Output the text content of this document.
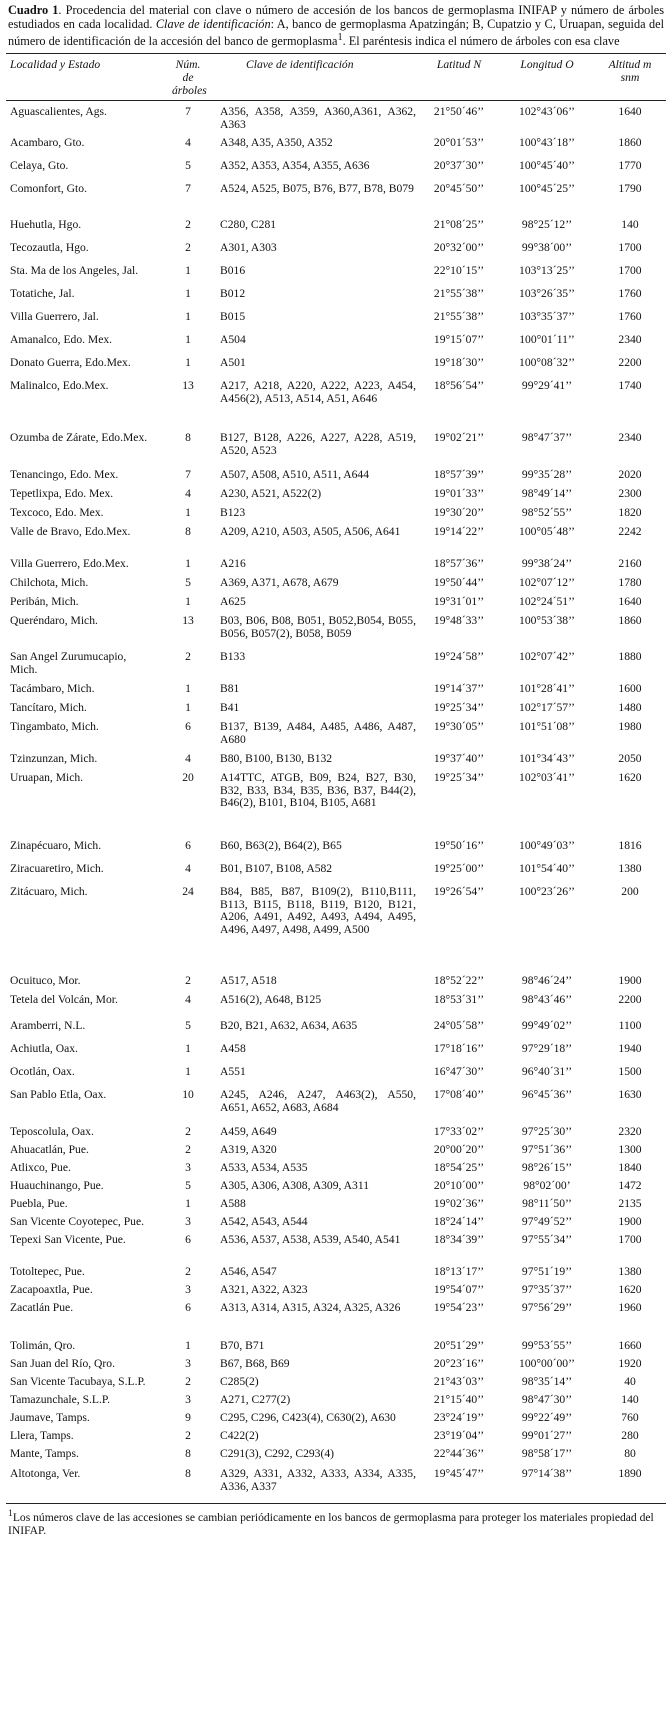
Cuadro 1. Procedencia del material con clave o número de accesión de los bancos de germoplasma INIFAP y número de árboles estudiados en cada localidad. Clave de identificación: A, banco de germoplasma Apatzingán; B, Cupatzio y C, Uruapan, seguida del número de identificación de la accesión del banco de germoplasma$^1$. El paréntesis indica el número de árboles con esa clave

Localidad y Estado	Núm. de árboles	Clave de identificación	Latitud N	Longitud O	Altitud m snm

Aguascalientes, Ags.	7	A356, A358, A359, A360,A361, A362, A363	21°50´46’’	102°43´06’’	1640
Acambaro, Gto.	4	A348, A35, A350, A352	20°01´53’’	100°43´18’’	1860
Celaya, Gto.	5	A352, A353, A354, A355, A636	20°37´30’’	100°45´40’’	1770
Comonfort, Gto.	7	A524, A525, B075, B76, B77, B78, B079	20°45´50’’	100°45´25’’	1790
Huehutla, Hgo.	2	C280, C281	21°08´25’’	98°25´12’’	140
Tecozautla, Hgo.	2	A301, A303	20°32´00’’	99°38´00’’	1700
Sta. Ma de los Angeles, Jal.	1	B016	22°10´15’’	103°13´25’’	1700
Totatiche, Jal.	1	B012	21°55´38’’	103°26´35’’	1760
Villa Guerrero, Jal.	1	B015	21°55´38’’	103°35´37’’	1760
Amanalco, Edo. Mex.	1	A504	19°15´07’’	100°01´11’’	2340
Donato Guerra, Edo.Mex.	1	A501	19°18´30’’	100°08´32’’	2200
Malinalco, Edo.Mex.	13	A217, A218, A220, A222, A223, A454, A456(2), A513, A514, A51, A646	18°56´54’’	99°29´41’’	1740
Ozumba de Zárate, Edo.Mex.	8	B127, B128, A226, A227, A228, A519, A520, A523	19°02´21’’	98°47´37’’	2340
Tenancingo, Edo. Mex.	7	A507, A508, A510, A511, A644	18°57´39’’	99°35´28’’	2020
Tepetlixpa, Edo. Mex.	4	A230, A521, A522(2)	19°01´33’’	98°49´14’’	2300
Texcoco, Edo. Mex.	1	B123	19°30´20’’	98°52´55’’	1820
Valle de Bravo, Edo.Mex.	8	A209, A210, A503, A505, A506, A641	19°14´22’’	100°05´48’’	2242
Villa Guerrero, Edo.Mex.	1	A216	18°57´36’’	99°38´24’’	2160
Chilchota, Mich.	5	A369, A371, A678, A679	19°50´44’’	102°07´12’’	1780
Peribán, Mich.	1	A625	19°31´01’’	102°24´51’’	1640
Queréndaro, Mich.	13	B03, B06, B08, B051, B052,B054, B055, B056, B057(2), B058, B059	19°48´33’’	100°53´38’’	1860
San Angel Zurumucapio, Mich.	2	B133	19°24´58’’	102°07´42’’	1880
Tacámbaro, Mich.	1	B81	19°14´37’’	101°28´41’’	1600
Tancítaro, Mich.	1	B41	19°25´34’’	102°17´57’’	1480
Tingambato, Mich.	6	B137, B139, A484, A485, A486, A487, A680	19°30´05’’	101°51´08’’	1980
Tzinzunzan, Mich.	4	B80, B100, B130, B132	19°37´40’’	101°34´43’’	2050
Uruapan, Mich.	20	A14TTC, ATGB, B09, B24, B27, B30, B32, B33, B34, B35, B36, B37, B44(2), B46(2), B101, B104, B105, A681	19°25´34’’	102°03´41’’	1620
Zinapécuaro, Mich.	6	B60, B63(2), B64(2), B65	19°50´16’’	100°49´03’’	1816
Ziracuaretiro, Mich.	4	B01, B107, B108, A582	19°25´00’’	101°54´40’’	1380
Zitácuaro, Mich.	24	B84, B85, B87, B109(2), B110,B111, B113, B115, B118, B119, B120, B121, A206, A491, A492, A493, A494, A495, A496, A497, A498, A499, A500	19°26´54’’	100°23´26’’	200
Ocuituco, Mor.	2	A517, A518	18°52´22’’	98°46´24’’	1900
Tetela del Volcán, Mor.	4	A516(2), A648, B125	18°53´31’’	98°43´46’’	2200
Aramberri, N.L.	5	B20, B21, A632, A634, A635	24°05´58’’	99°49´02’’	1100
Achiutla, Oax.	1	A458	17°18´16’’	97°29´18’’	1940
Ocotlán, Oax.	1	A551	16°47´30’’	96°40´31’’	1500
San Pablo Etla, Oax.	10	A245, A246, A247, A463(2), A550, A651, A652, A683, A684	17°08´40’’	96°45´36’’	1630
Teposcolula, Oax.	2	A459, A649	17°33´02’’	97°25´30’’	2320
Ahuacatlán, Pue.	2	A319, A320	20°00´20’’	97°51´36’’	1300
Atlixco, Pue.	3	A533, A534, A535	18°54´25’’	98°26´15’’	1840
Huauchinango, Pue.	5	A305, A306, A308, A309, A311	20°10´00’’	98°02´00’	1472
Puebla, Pue.	1	A588	19°02´36’’	98°11´50’’	2135
San Vicente Coyotepec, Pue.	3	A542, A543, A544	18°24´14’’	97°49´52’’	1900
Tepexi San Vicente, Pue.	6	A536, A537, A538, A539, A540, A541	18°34´39’’	97°55´34’’	1700
Totoltepec, Pue.	2	A546, A547	18°13´17’’	97°51´19’’	1380
Zacapoaxtla, Pue.	3	A321, A322, A323	19°54´07’’	97°35´37’’	1620
Zacatlán Pue.	6	A313, A314, A315, A324, A325, A326	19°54´23’’	97°56´29’’	1960
Tolimán, Qro.	1	B70, B71	20°51´29’’	99°53´55’’	1660
San Juan del Río, Qro.	3	B67, B68, B69	20°23´16’’	100°00´00’’	1920
San Vicente Tacubaya, S.L.P.	2	C285(2)	21°43´03’’	98°35´14’’	40
Tamazunchale, S.L.P.	3	A271, C277(2)	21°15´40’’	98°47´30’’	140
Jaumave, Tamps.	9	C295, C296, C423(4), C630(2), A630	23°24´19’’	99°22´49’’	760
Llera, Tamps.	2	C422(2)	23°19´04’’	99°01´27’’	280
Mante, Tamps.	8	C291(3), C292, C293(4)	22°44´36’’	98°58´17’’	80
Altotonga, Ver.	8	A329, A331, A332, A333, A334, A335, A336, A337	19°45´47’’	97°14´38’’	1890

$^1$Los números clave de las accesiones se cambian periódicamente en los bancos de germoplasma para proteger los materiales propiedad del INIFAP.
